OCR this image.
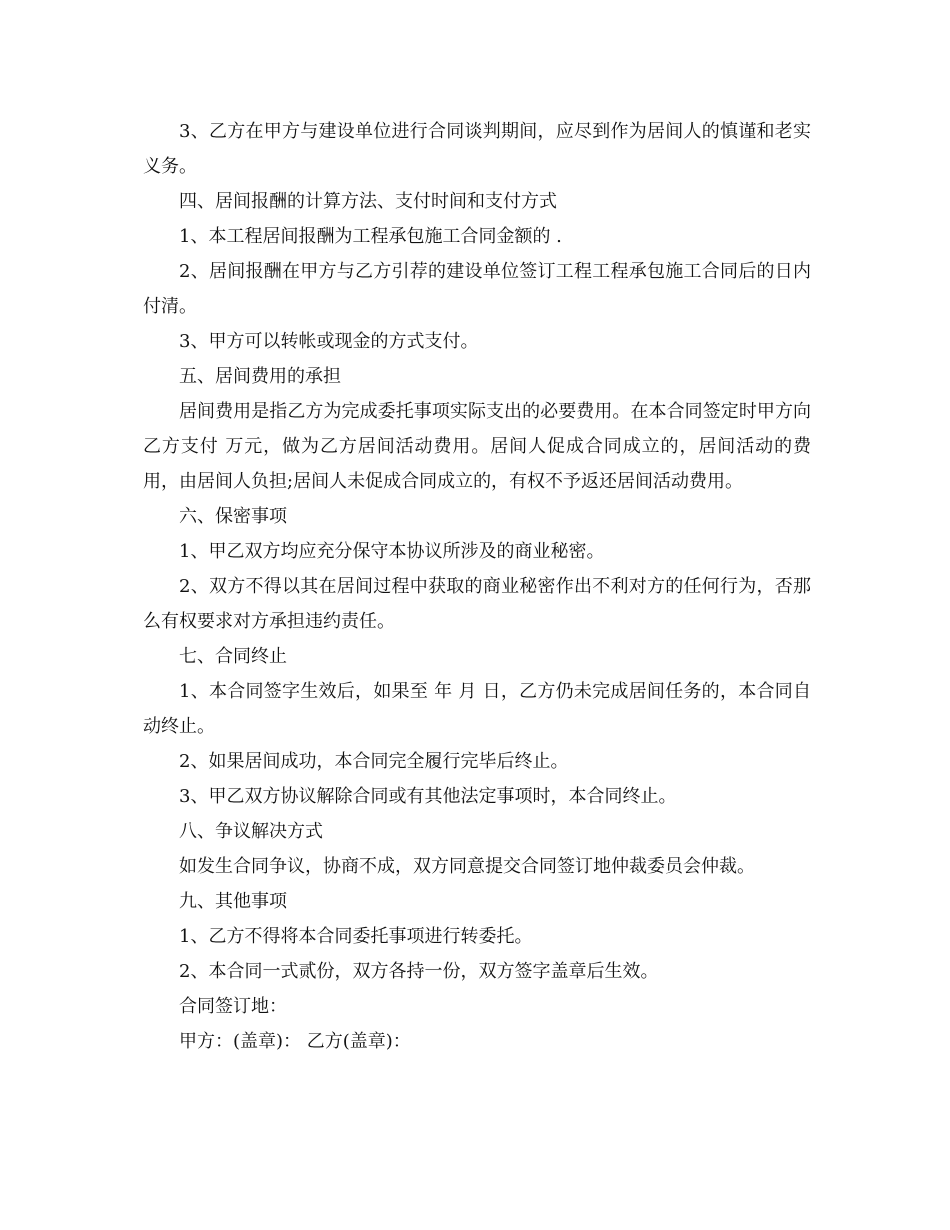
3、乙方在甲方与建设单位进行合同谈判期间，应尽到作为居间人的慎谨和老实义务。

四、居间报酬的计算方法、支付时间和支付方式

1、本工程居间报酬为工程承包施工合同金额的 .

2、居间报酬在甲方与乙方引荐的建设单位签订工程工程承包施工合同后的日内付清。

3、甲方可以转帐或现金的方式支付。

五、居间费用的承担

居间费用是指乙方为完成委托事项实际支出的必要费用。在本合同签定时甲方向乙方支付 万元，做为乙方居间活动费用。居间人促成合同成立的，居间活动的费用，由居间人负担;居间人未促成合同成立的，有权不予返还居间活动费用。

六、保密事项

1、甲乙双方均应充分保守本协议所涉及的商业秘密。

2、双方不得以其在居间过程中获取的商业秘密作出不利对方的任何行为，否那么有权要求对方承担违约责任。

七、合同终止

1、本合同签字生效后，如果至 年 月 日，乙方仍未完成居间任务的，本合同自动终止。

2、如果居间成功，本合同完全履行完毕后终止。

3、甲乙双方协议解除合同或有其他法定事项时，本合同终止。

八、争议解决方式

如发生合同争议，协商不成，双方同意提交合同签订地仲裁委员会仲裁。

九、其他事项

1、乙方不得将本合同委托事项进行转委托。

2、本合同一式贰份，双方各持一份，双方签字盖章后生效。

合同签订地：

甲方：(盖章)： 乙方(盖章)：
